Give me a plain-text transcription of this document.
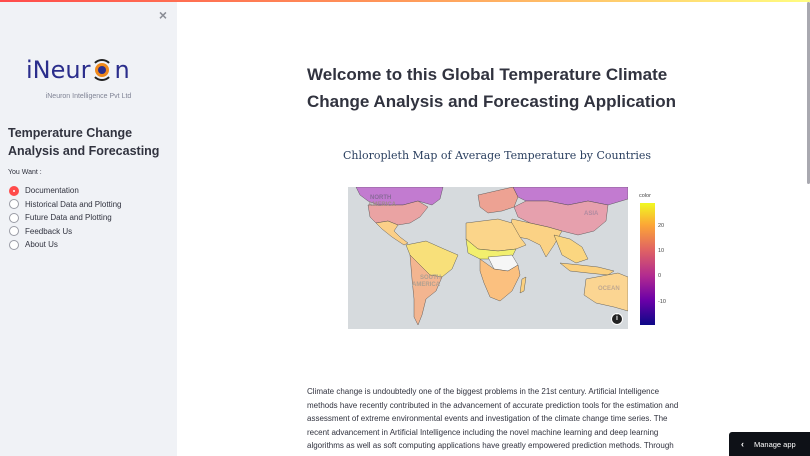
×
iNeur n
iNeuron Intelligence Pvt Ltd
Temperature Change Analysis and Forecasting
You Want :
Documentation
Historical Data and Plotting
Future Data and Plotting
Feedback Us
About Us
Welcome to this Global Temperature Climate Change Analysis and Forecasting Application
Chloropleth Map of Average Temperature by Countries
NORTH
AMERICA
SOUTH
AMERICA
ASIA
OCEAN
i
color
20
10
0
-10

Climate change is undoubtedly one of the biggest problems in the 21st century. Artificial Intelligence methods have recently contributed in the advancement of accurate prediction tools for the estimation and assessment of extreme environmental events and investigation of the climate change time series. The recent advancement in Artificial Intelligence including the novel machine learning and deep learning algorithms as well as soft computing applications have greatly empowered prediction methods. Through	‹ Manage app
